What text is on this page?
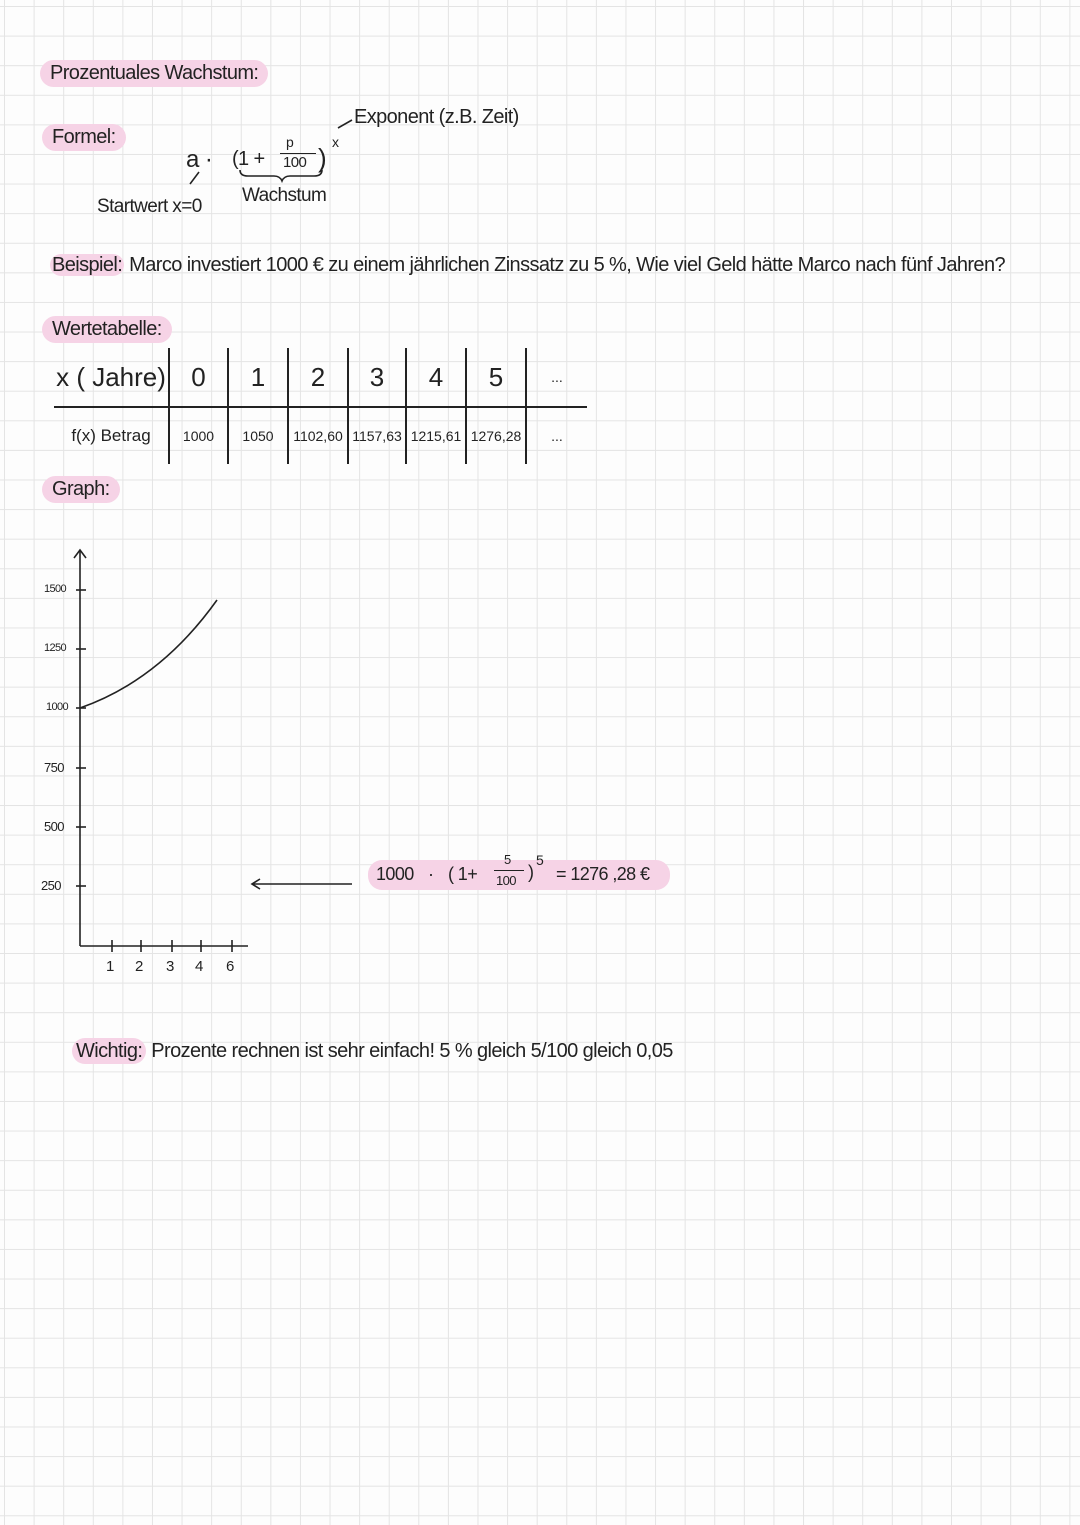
Prozentuales Wachstum:
Formel:
a · (1 +
p
100 )
x
Exponent (z.B. Zeit)
Wachstum
Startwert x=0
Beispiel: Marco investiert 1000 € zu einem jährlichen Zinssatz zu 5 %, Wie viel Geld hätte Marco nach fünf Jahren?
Wertetabelle:
x ( Jahre)	0	1	2	3	4	5	...
f(x) Betrag	1000	1050	1102,60	1157,63	1215,61	1276,28	...
Graph:
1500
1250
1000
750
500
250
1 2 3 4 6
1000 · ( 1+
5
100 )
5
= 1276 ,28 €
Wichtig: Prozente rechnen ist sehr einfach! 5 % gleich 5/100 gleich 0,05
